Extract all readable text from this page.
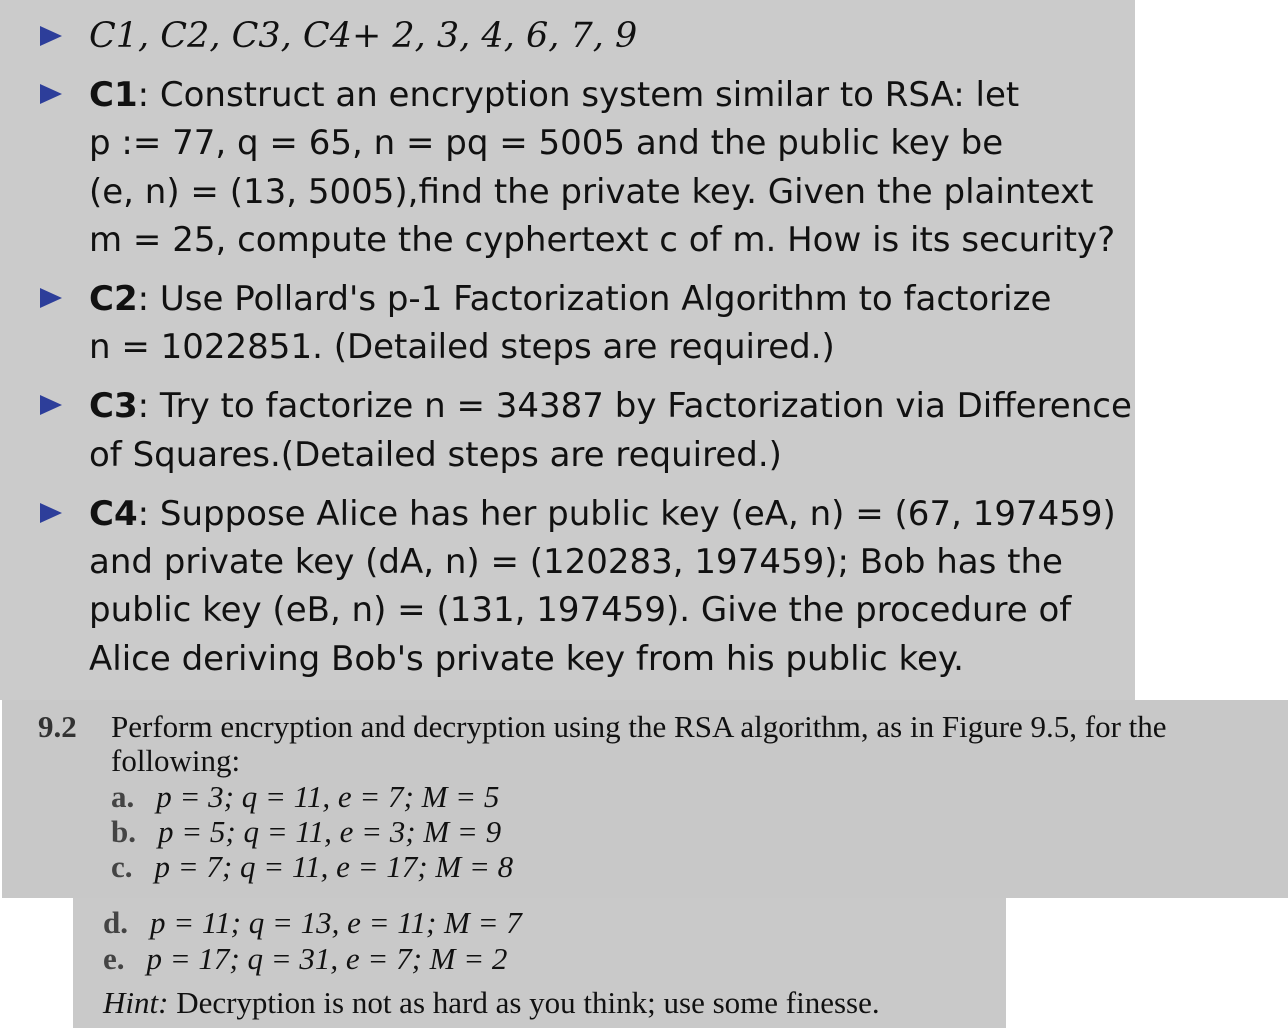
C1, C2, C3, C4+ 2, 3, 4, 6, 7, 9
C1: Construct an encryption system similar to RSA: let
p := 77, q = 65, n = pq = 5005 and the public key be
(e, n) = (13, 5005),find the private key. Given the plaintext
m = 25, compute the cyphertext c of m. How is its security?
C2: Use Pollard's p-1 Factorization Algorithm to factorize
n = 1022851. (Detailed steps are required.)
C3: Try to factorize n = 34387 by Factorization via Difference
of Squares.(Detailed steps are required.)
C4: Suppose Alice has her public key (eA, n) = (67, 197459)
and private key (dA, n) = (120283, 197459); Bob has the
public key (eB, n) = (131, 197459). Give the procedure of
Alice deriving Bob's private key from his public key.
9.2 Perform encryption and decryption using the RSA algorithm, as in Figure 9.5, for the
following:
a. p = 3; q = 11, e = 7; M = 5
b. p = 5; q = 11, e = 3; M = 9
c. p = 7; q = 11, e = 17; M = 8
d. p = 11; q = 13, e = 11; M = 7
e. p = 17; q = 31, e = 7; M = 2
Hint: Decryption is not as hard as you think; use some finesse.
